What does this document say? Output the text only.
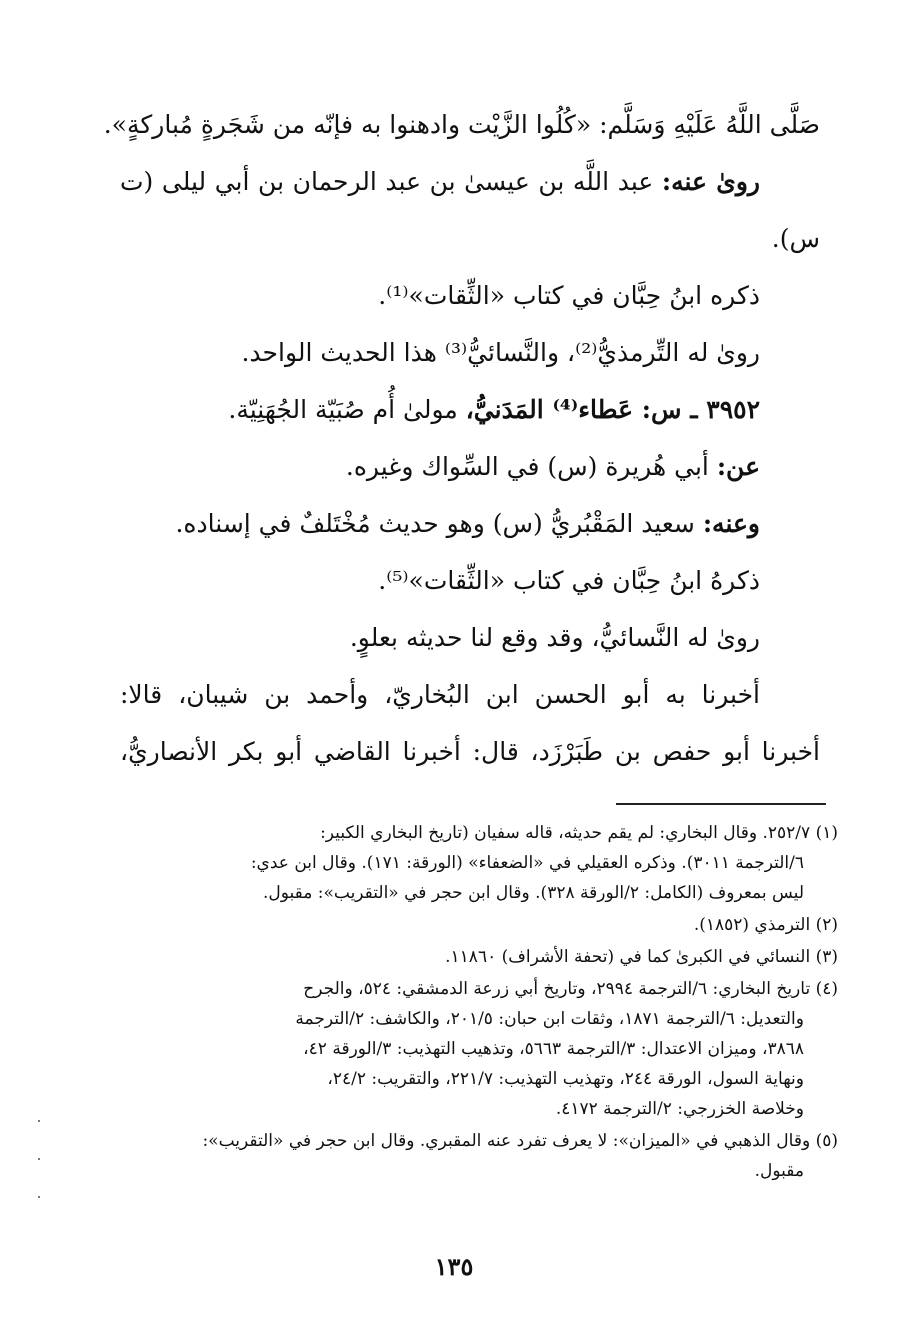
صَلَّى اللَّهُ عَلَيْهِ وَسَلَّم: «كُلُوا الزَّيْت وادهنوا به فإنّه من شَجَرةٍ مُباركةٍ».
روىٰ عنه: عبد اللَّه بن عيسىٰ بن عبد الرحمان بن أبي ليلى (ت
س).
ذكره ابنُ حِبَّان في كتاب «الثِّقات»⁽¹⁾.
روىٰ له التِّرمذيُّ⁽²⁾، والنَّسائيُّ⁽³⁾ هذا الحديث الواحد.
٣٩٥٢ ـ س: عَطاء⁽⁴⁾ المَدَنيُّ، مولىٰ أُم صُبَيّة الجُهَنِيّة.
عن: أبي هُريرة (س) في السِّواك وغيره.
وعنه: سعيد المَقْبُريُّ (س) وهو حديث مُخْتَلفٌ في إسناده.
ذكرهُ ابنُ حِبَّان في كتاب «الثِّقات»⁽⁵⁾.
روىٰ له النَّسائيُّ، وقد وقع لنا حديثه بعلوٍ.
أخبرنا به أبو الحسن ابن البُخاريّ، وأحمد بن شيبان، قالا:
أخبرنا أبو حفص بن طَبَرْزَد، قال: أخبرنا القاضي أبو بكر الأنصاريُّ،
(١) ٢٥٢/٧. وقال البخاري: لم يقم حديثه، قاله سفيان (تاريخ البخاري الكبير:
٦/الترجمة ٣٠١١). وذكره العقيلي في «الضعفاء» (الورقة: ١٧١). وقال ابن عدي:
ليس بمعروف (الكامل: ٢/الورقة ٣٢٨). وقال ابن حجر في «التقريب»: مقبول.
(٢) الترمذي (١٨٥٢).
(٣) النسائي في الكبرىٰ كما في (تحفة الأشراف) ١١٨٦٠.
(٤) تاريخ البخاري: ٦/الترجمة ٢٩٩٤، وتاريخ أبي زرعة الدمشقي: ٥٢٤، والجرح
والتعديل: ٦/الترجمة ١٨٧١، وثقات ابن حبان: ٢٠١/٥، والكاشف: ٢/الترجمة
٣٨٦٨، وميزان الاعتدال: ٣/الترجمة ٥٦٦٣، وتذهيب التهذيب: ٣/الورقة ٤٢،
ونهاية السول، الورقة ٢٤٤، وتهذيب التهذيب: ٢٢١/٧، والتقريب: ٢٤/٢،
وخلاصة الخزرجي: ٢/الترجمة ٤١٧٢.
(٥) وقال الذهبي في «الميزان»: لا يعرف تفرد عنه المقبري. وقال ابن حجر في «التقريب»:
مقبول.
١٣٥
